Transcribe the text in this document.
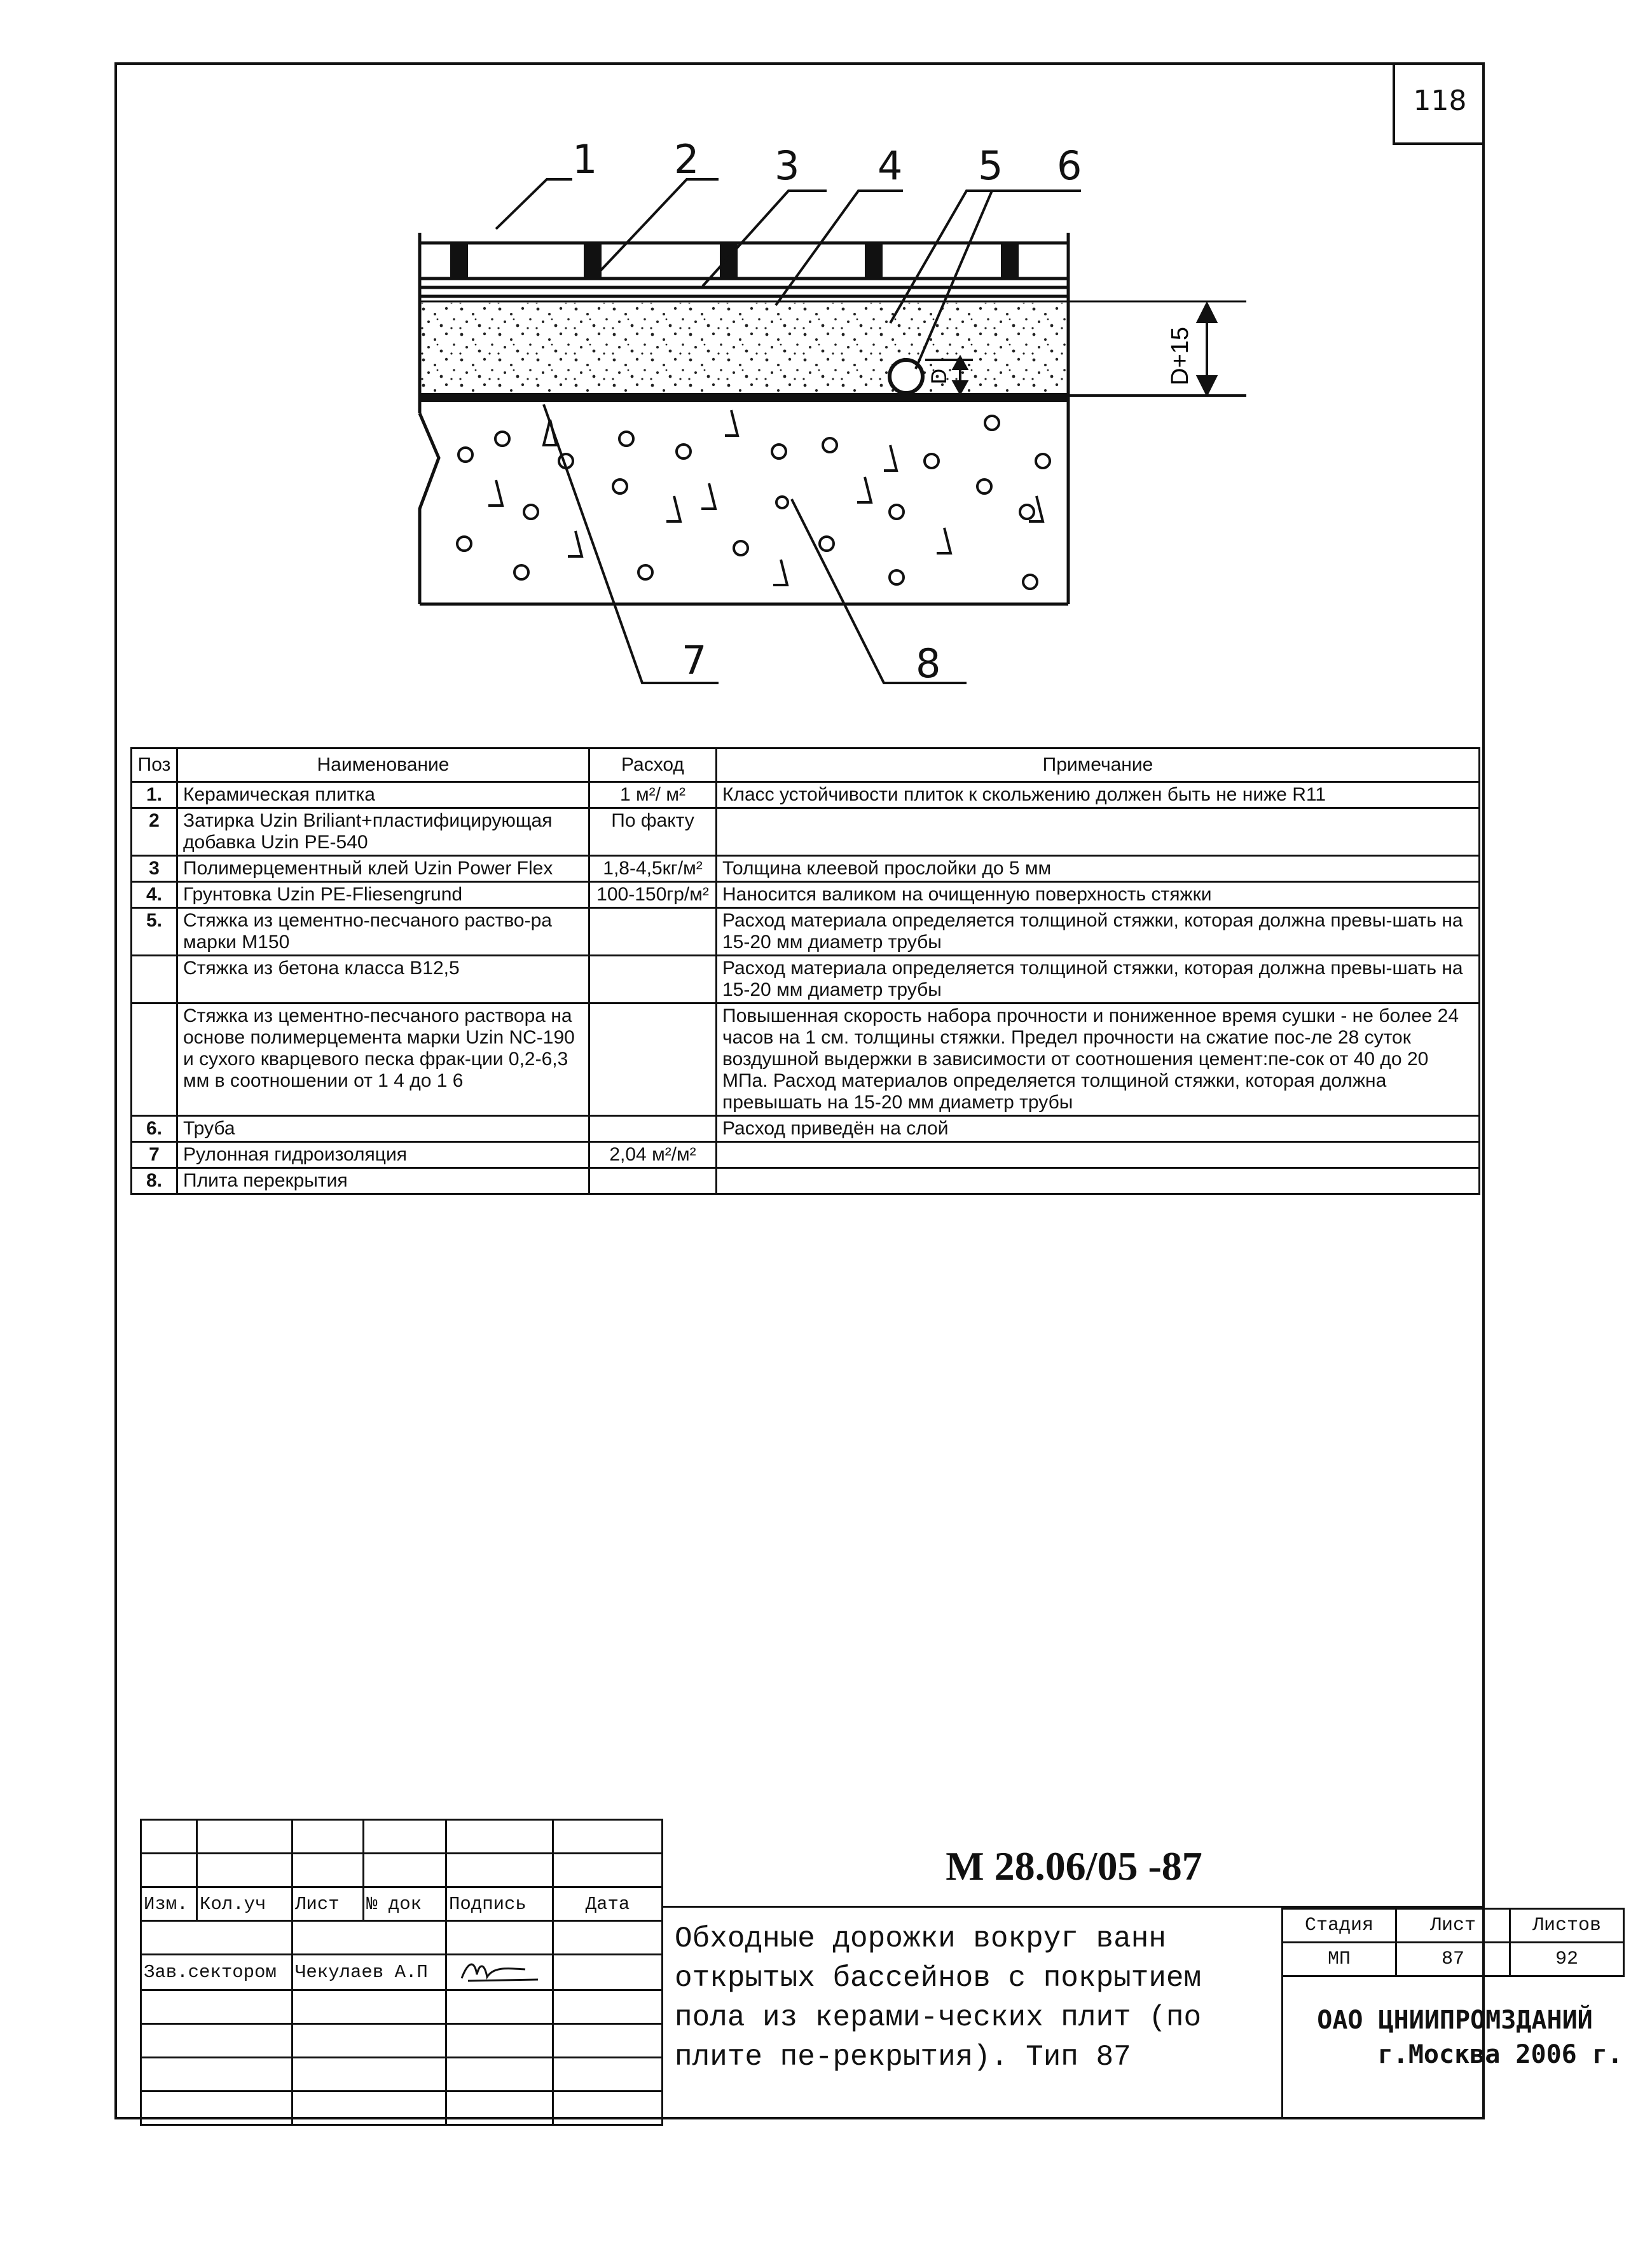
118
D+15
D
1 2 3 4 5 6
7	8
Поз	Наименование	Расход	Примечание
1.	Керамическая плитка	1 м²/ м²	Класс устойчивости плиток к скольжению должен быть не ниже R11
2	Затирка Uzin Briliant+пластифицирующая добавка Uzin PE-540	По факту	
3	Полимерцементный клей Uzin Power Flex	1,8-4,5кг/м²	Толщина клеевой прослойки до 5 мм
4.	Грунтовка Uzin PE-Fliesengrund	100-150гр/м²	Наносится валиком на очищенную поверхность стяжки
5.	Стяжка из цементно-песчаного раство-ра марки М150		Расход материала определяется толщиной стяжки, которая должна превы-шать на 15-20 мм диаметр трубы
	Стяжка из бетона класса В12,5		Расход материала определяется толщиной стяжки, которая должна превы-шать на 15-20 мм диаметр трубы
	Стяжка из цементно-песчаного раствора на основе полимерцемента марки Uzin NC-190 и сухого кварцевого песка фрак-ции 0,2-6,3 мм в соотношении от 1 4 до 1 6		Повышенная скорость набора прочности и пониженное время сушки - не более 24 часов на 1 см. толщины стяжки. Предел прочности на сжатие пос-ле 28 суток воздушной выдержки в зависимости от соотношения цемент:пе-сок от 40 до 20 МПа. Расход материалов определяется толщиной стяжки, которая должна превышать на 15-20 мм диаметр трубы
6.	Труба		Расход приведён на слой
7	Рулонная гидроизоляция	2,04 м²/м²	
8.	Плита перекрытия		

Изм.	Кол.уч	Лист	№ док	Подпись	Дата

Зав.сектором		Чекулаев А.П		

М 28.06/05 -87
Обходные дорожки вокруг ванн открытых бассейнов с покрытием пола из керами-ческих плит (по плите пе-рекрытия). Тип 87
Стадия	Лист	Листов
МП	87	92
ОАО ЦНИИПРОМЗДАНИЙ
г.Москва 2006 г.
